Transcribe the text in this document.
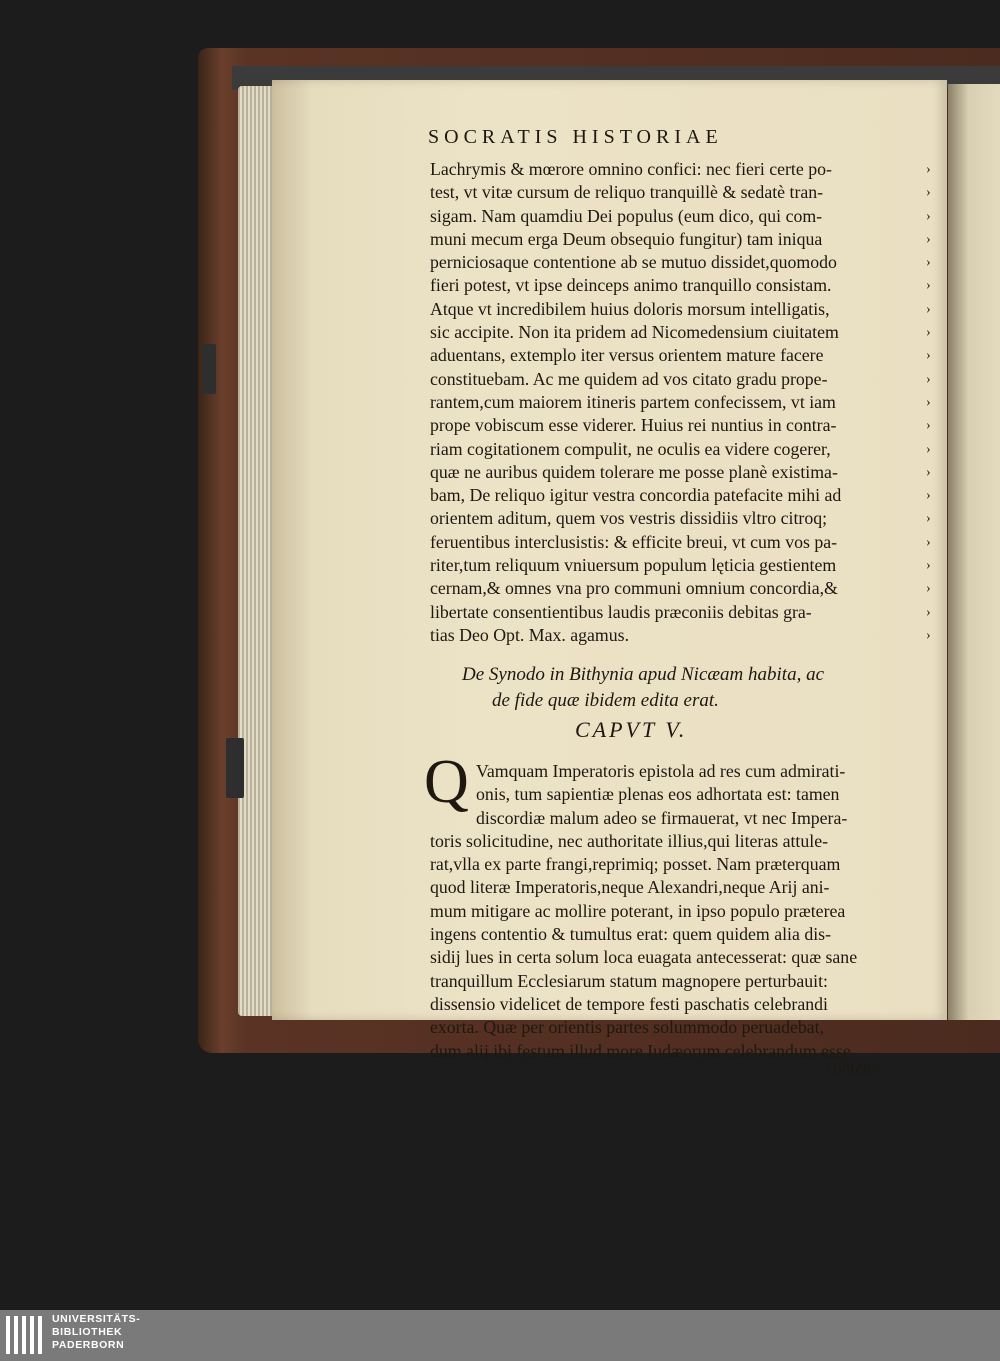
SOCRATIS HISTORIAE
Lachrymis & mœrore omnino confici: nec fieri certe po-
test, vt vitæ cursum de reliquo tranquillè & sedatè tran-
sigam. Nam quamdiu Dei populus (eum dico, qui com-
muni mecum erga Deum obsequio fungitur) tam iniqua
perniciosaque contentione ab se mutuo dissidet,quomodo
fieri potest, vt ipse deinceps animo tranquillo consistam.
Atque vt incredibilem huius doloris morsum intelligatis,
sic accipite. Non ita pridem ad Nicomedensium ciuitatem
aduentans, extemplo iter versus orientem mature facere
constituebam. Ac me quidem ad vos citato gradu prope-
rantem,cum maiorem itineris partem confecissem, vt iam
prope vobiscum esse viderer. Huius rei nuntius in contra-
riam cogitationem compulit, ne oculis ea videre cogerer,
quæ ne auribus quidem tolerare me posse planè existima-
bam, De reliquo igitur vestra concordia patefacite mihi ad
orientem aditum, quem vos vestris dissidiis vltro citroq;
feruentibus interclusistis: & efficite breui, vt cum vos pa-
riter,tum reliquum vniuersum populum lęticia gestientem
cernam,& omnes vna pro communi omnium concordia,&
libertate consentientibus laudis præconiis debitas gra-
tias Deo Opt. Max. agamus.
›
›
›
›
›
›
›
›
›
›
›
›
›
›
›
›
›
›
›
›
›
De Synodo in Bithynia apud Nicæam habita, ac
de fide quæ ibidem edita erat.
CAPVT V.
Q Vamquam Imperatoris epistola ad res cum admirati-
onis, tum sapientiæ plenas eos adhortata est: tamen
discordiæ malum adeo se firmauerat, vt nec Impera-
toris solicitudine, nec authoritate illius,qui literas attule-
rat,vlla ex parte frangi,reprimiq; posset. Nam præterquam
quod literæ Imperatoris,neque Alexandri,neque Arij ani-
mum mitigare ac mollire poterant, in ipso populo præterea
ingens contentio & tumultus erat: quem quidem alia dis-
sidij lues in certa solum loca euagata antecesserat: quæ sane
tranquillum Ecclesiarum statum magnopere perturbauit:
dissensio videlicet de tempore festi paschatis celebrandi
exorta. Quæ per orientis partes solummodo peruadebat,
dum alij ibi festum illud more Iudæorum celebrandum esse
conten-
UNIVERSITÄTS-
BIBLIOTHEK
PADERBORN
